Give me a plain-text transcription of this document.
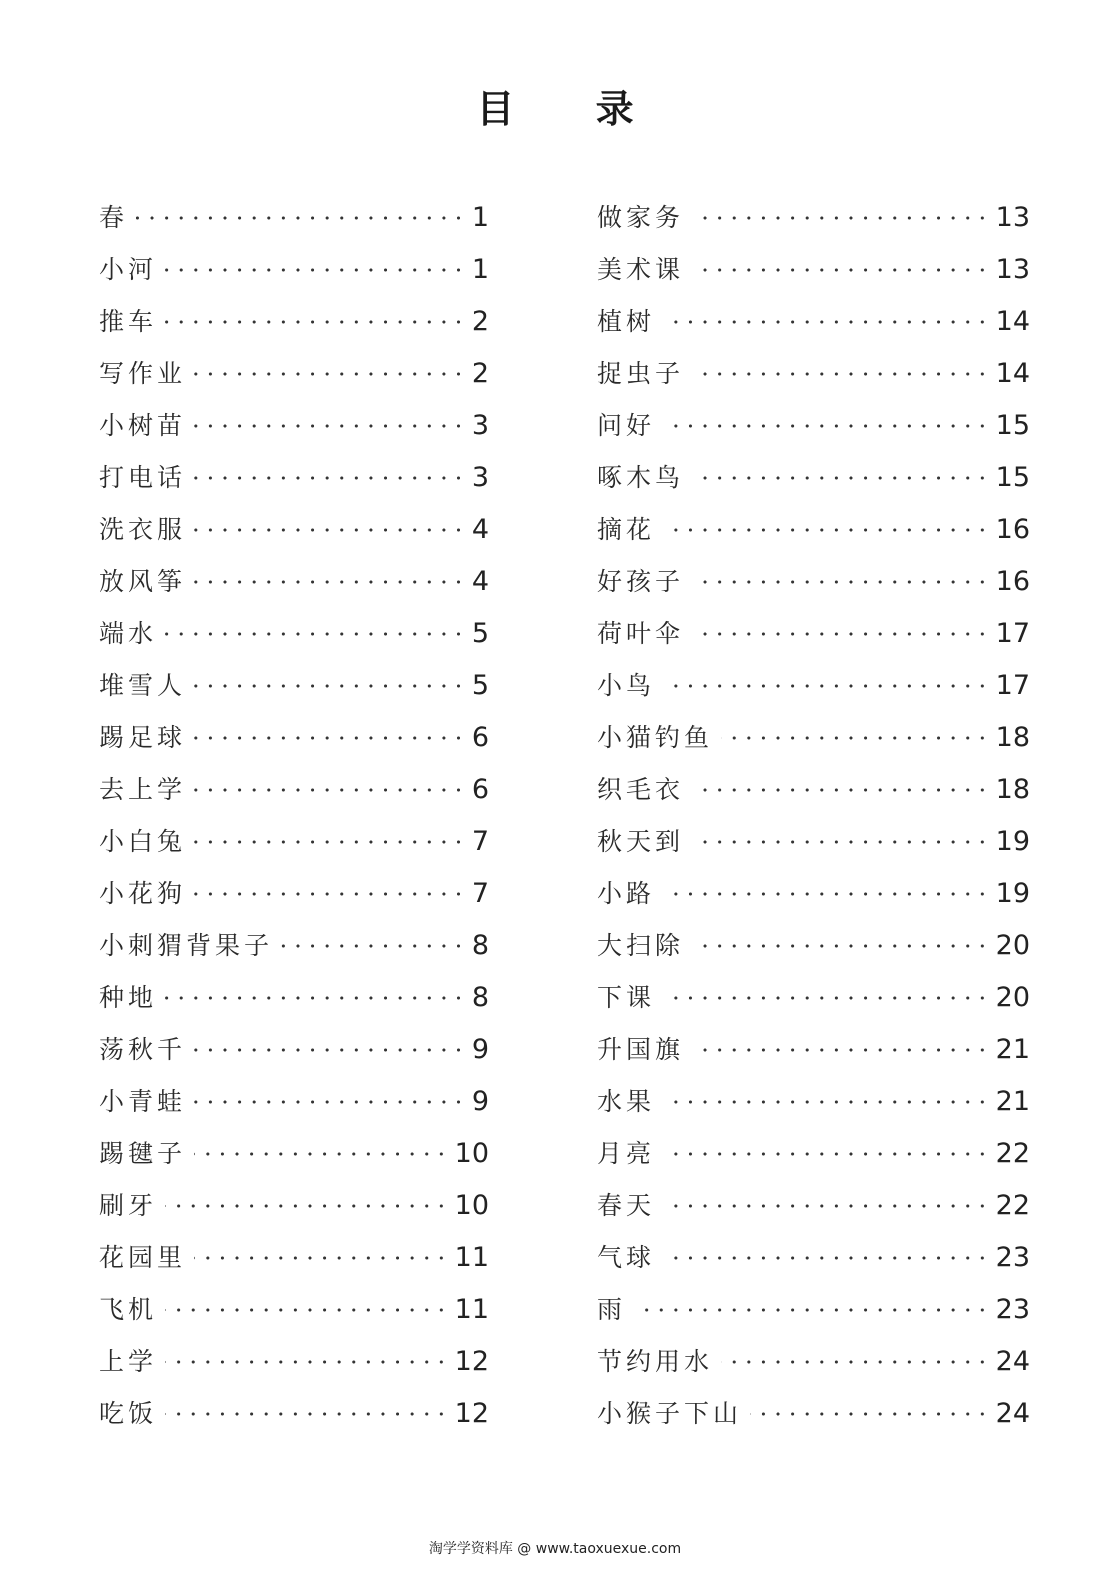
目 录
春	1
小河	1
推车	2
写作业	2
小树苗	3
打电话	3
洗衣服	4
放风筝	4
端水	5
堆雪人	5
踢足球	6
去上学	6
小白兔	7
小花狗	7
小刺猬背果子	8
种地	8
荡秋千	9
小青蛙	9
踢毽子	10
刷牙	10
花园里	11
飞机	11
上学	12
吃饭	12
做家务	13
美术课	13
植树	14
捉虫子	14
问好	15
啄木鸟	15
摘花	16
好孩子	16
荷叶伞	17
小鸟	17
小猫钓鱼	18
织毛衣	18
秋天到	19
小路	19
大扫除	20
下课	20
升国旗	21
水果	21
月亮	22
春天	22
气球	23
雨	23
节约用水	24
小猴子下山	24
淘学学资料库 @ www.taoxuexue.com
